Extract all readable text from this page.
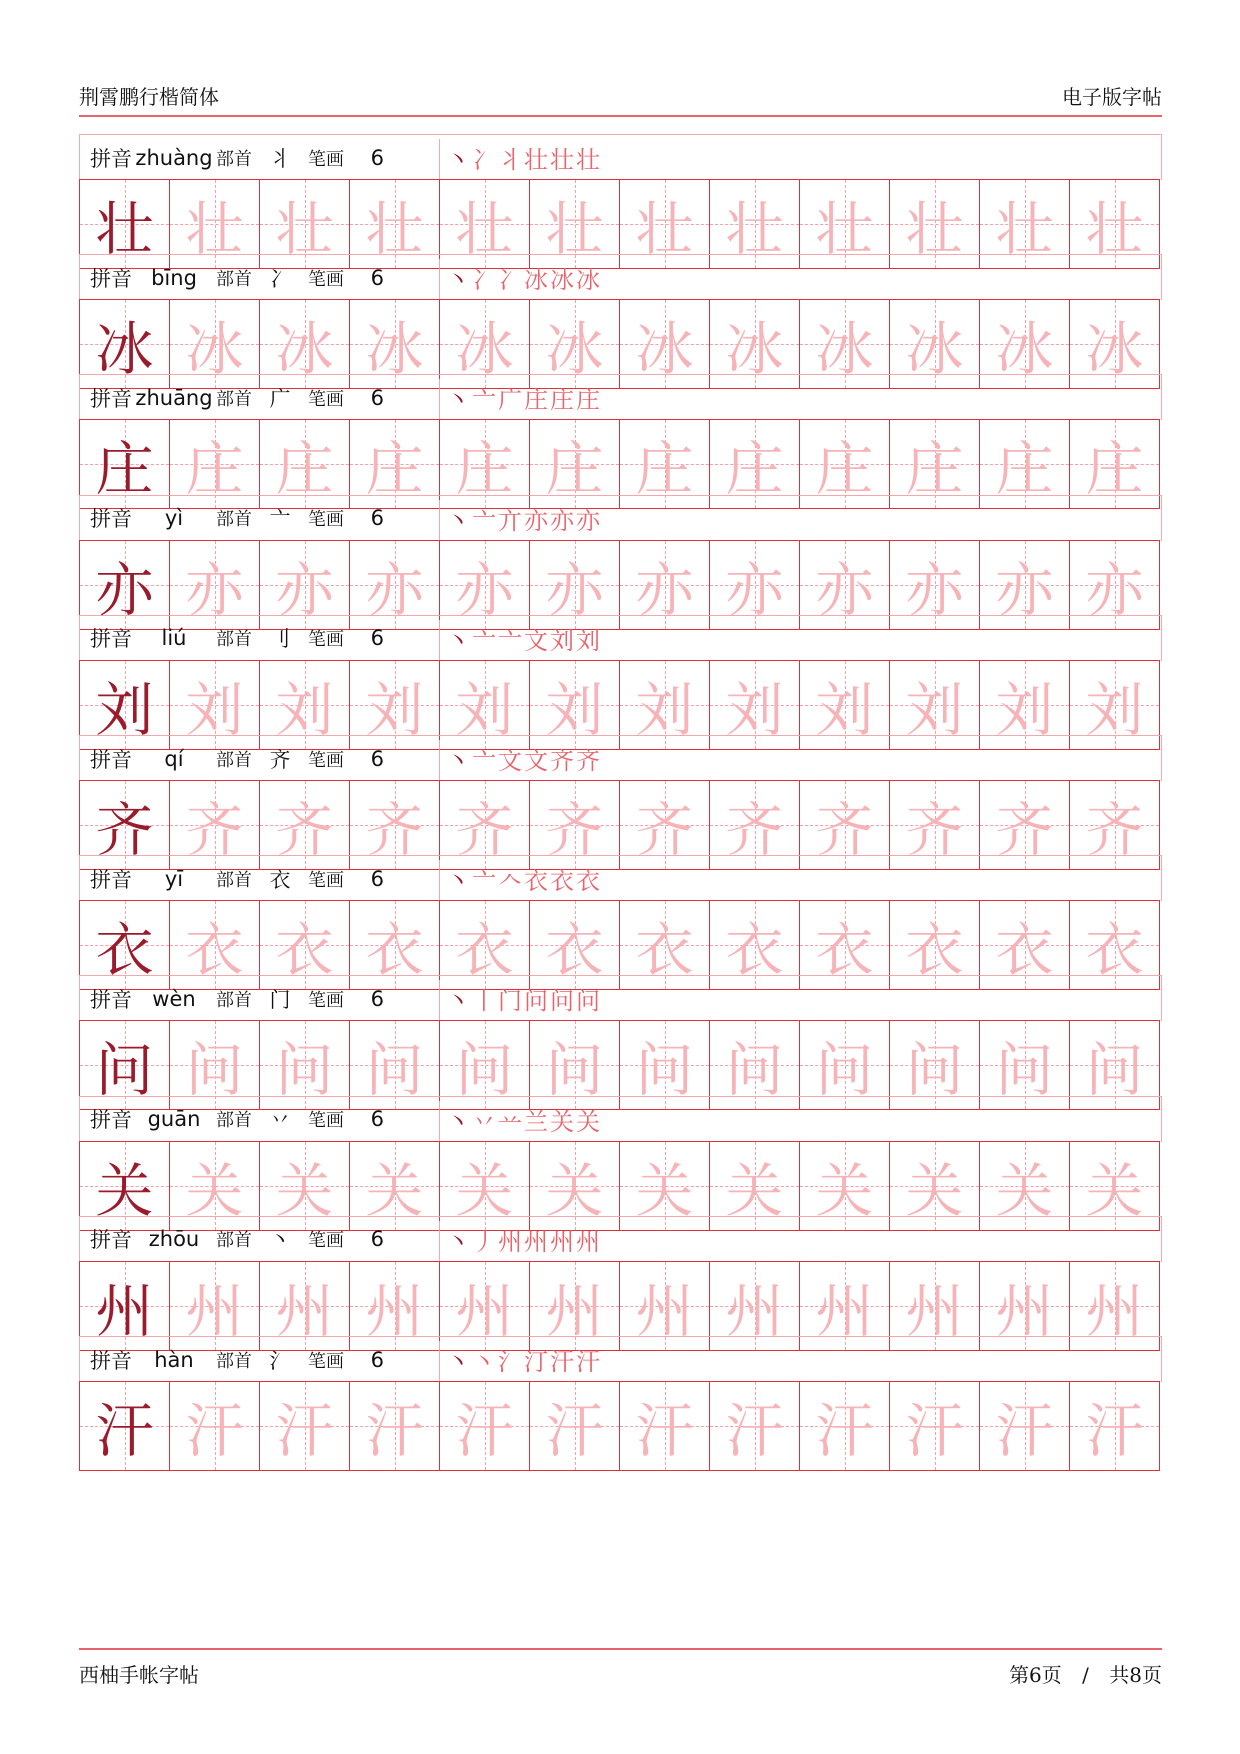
荆霄鹏行楷简体	电子版字帖
拼音 zhuàng 部首 丬 笔画	6	丶 冫 丬 壮 壮 壮
壮 壮 壮 壮 壮 壮 壮 壮 壮 壮 壮 壮
拼音 bīng	部首 冫 笔画	6	丶 冫 冫 冰 冰 冰
冰 冰 冰 冰 冰 冰 冰 冰 冰 冰 冰 冰
拼音 zhuāng 部首 广 笔画	6	丶 亠 广 庄 庄 庄
庄 庄 庄 庄 庄 庄 庄 庄 庄 庄 庄 庄
拼音	yì	部首 亠 笔画	6	丶 亠 亣 亦 亦 亦
亦 亦 亦 亦 亦 亦 亦 亦 亦 亦 亦 亦
拼音	liú	部首 刂 笔画	6	丶 亠 亠 文 刘 刘
刘 刘 刘 刘 刘 刘 刘 刘 刘 刘 刘 刘
拼音	qí	部首 齐 笔画	6	丶 亠 文 文 齐 齐
齐 齐 齐 齐 齐 齐 齐 齐 齐 齐 齐 齐
拼音	yī	部首 衣 笔画	6	丶 亠 𠆢 衣 衣 衣
衣 衣 衣 衣 衣 衣 衣 衣 衣 衣 衣 衣
拼音 wèn	部首 门 笔画	6	丶 丨 门 问 问 问
问 问 问 问 问 问 问 问 问 问 问 问
拼音 guān 部首 丷 笔画	6	丶 丷 䒑 兰 关 关
关 关 关 关 关 关 关 关 关 关 关 关
拼音 zhōu 部首 丶 笔画	6	丶 丿 州 州 州 州
州 州 州 州 州 州 州 州 州 州 州 州
拼音	hàn	部首 氵 笔画	6	丶 丶 氵 汀 汗 汗
汗 汗 汗 汗 汗 汗 汗 汗 汗 汗 汗 汗
西柚手帐字帖	第6页 / 共8页
